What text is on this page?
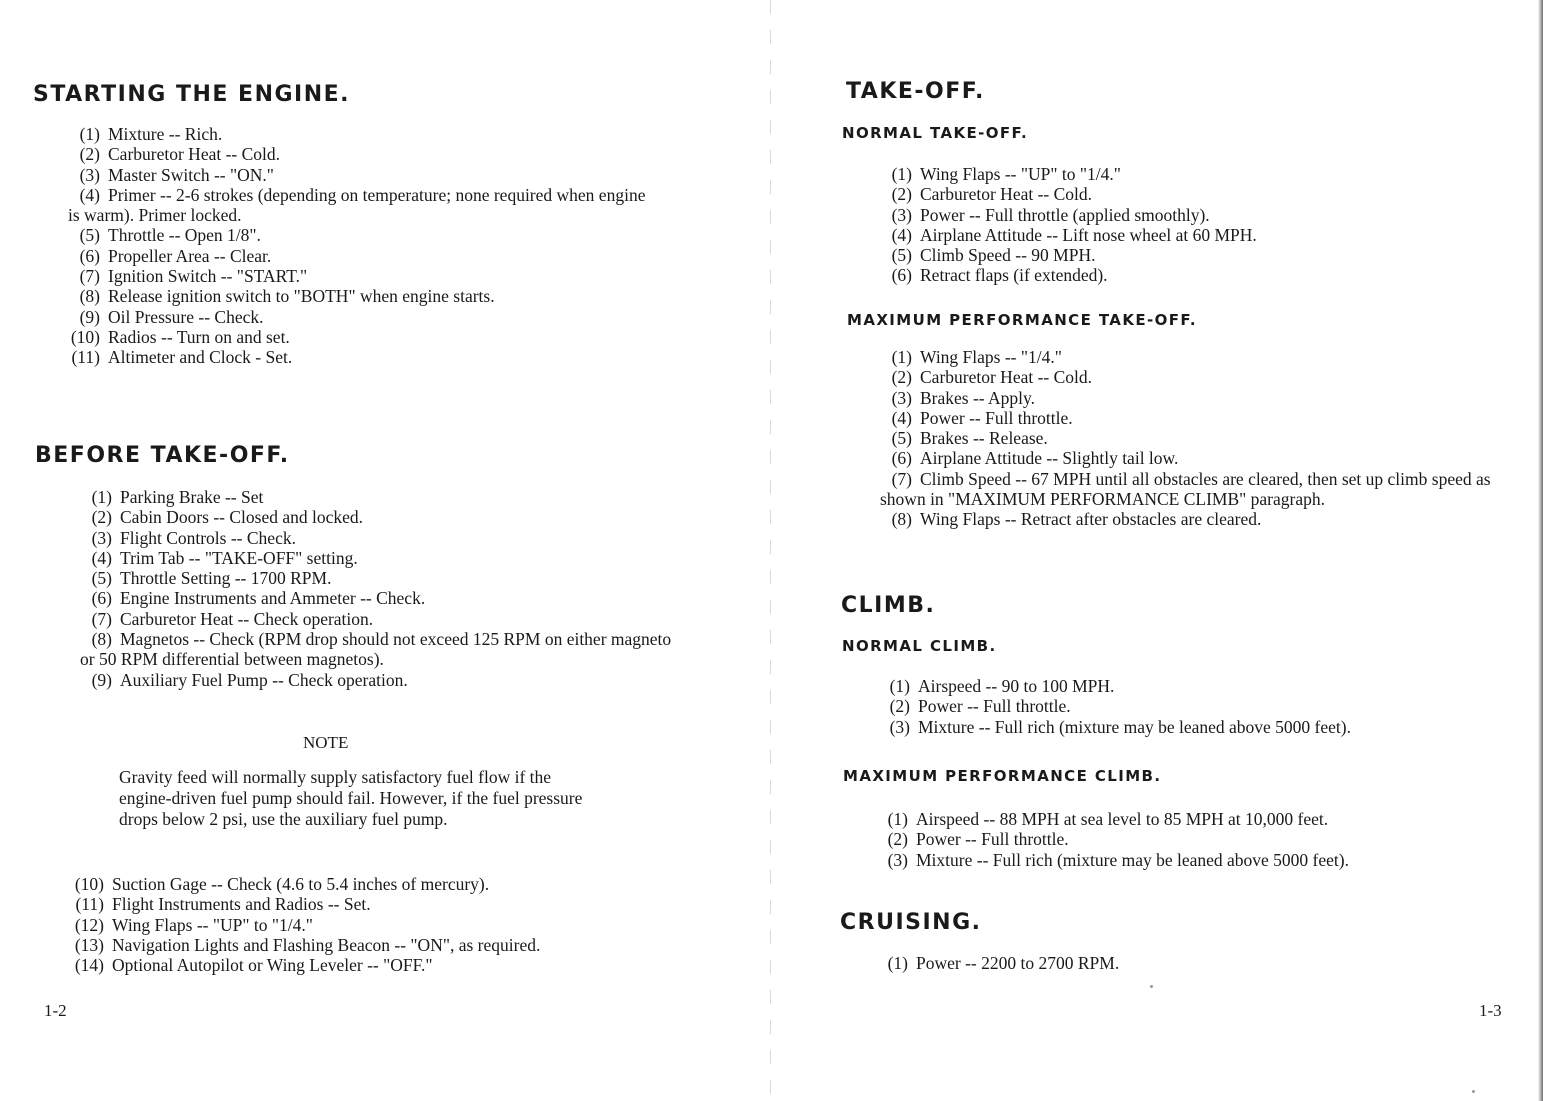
STARTING THE ENGINE.
(1) Mixture -- Rich.
(2) Carburetor Heat -- Cold.
(3) Master Switch -- "ON."
(4) Primer -- 2-6 strokes (depending on temperature; none required when engine is warm). Primer locked.
(5) Throttle -- Open 1/8".
(6) Propeller Area -- Clear.
(7) Ignition Switch -- "START."
(8) Release ignition switch to "BOTH" when engine starts.
(9) Oil Pressure -- Check.
(10) Radios -- Turn on and set.
(11) Altimeter and Clock - Set.
BEFORE TAKE-OFF.
(1) Parking Brake -- Set
(2) Cabin Doors -- Closed and locked.
(3) Flight Controls -- Check.
(4) Trim Tab -- "TAKE-OFF" setting.
(5) Throttle Setting -- 1700 RPM.
(6) Engine Instruments and Ammeter -- Check.
(7) Carburetor Heat -- Check operation.
(8) Magnetos -- Check (RPM drop should not exceed 125 RPM on either magneto or 50 RPM differential between magnetos).
(9) Auxiliary Fuel Pump -- Check operation.

NOTE

Gravity feed will normally supply satisfactory fuel flow if the engine-driven fuel pump should fail. However, if the fuel pressure drops below 2 psi, use the auxiliary fuel pump.

(10) Suction Gage -- Check (4.6 to 5.4 inches of mercury).
(11) Flight Instruments and Radios -- Set.
(12) Wing Flaps -- "UP" to "1/4."
(13) Navigation Lights and Flashing Beacon -- "ON", as required.
(14) Optional Autopilot or Wing Leveler -- "OFF."

1-2

TAKE-OFF.
NORMAL TAKE-OFF.
(1) Wing Flaps -- "UP" to "1/4."
(2) Carburetor Heat -- Cold.
(3) Power -- Full throttle (applied smoothly).
(4) Airplane Attitude -- Lift nose wheel at 60 MPH.
(5) Climb Speed -- 90 MPH.
(6) Retract flaps (if extended).
MAXIMUM PERFORMANCE TAKE-OFF.
(1) Wing Flaps -- "1/4."
(2) Carburetor Heat -- Cold.
(3) Brakes -- Apply.
(4) Power -- Full throttle.
(5) Brakes -- Release.
(6) Airplane Attitude -- Slightly tail low.
(7) Climb Speed -- 67 MPH until all obstacles are cleared, then set up climb speed as shown in "MAXIMUM PERFORMANCE CLIMB" paragraph.
(8) Wing Flaps -- Retract after obstacles are cleared.
CLIMB.
NORMAL CLIMB.
(1) Airspeed -- 90 to 100 MPH.
(2) Power -- Full throttle.
(3) Mixture -- Full rich (mixture may be leaned above 5000 feet).
MAXIMUM PERFORMANCE CLIMB.
(1) Airspeed -- 88 MPH at sea level to 85 MPH at 10,000 feet.
(2) Power -- Full throttle.
(3) Mixture -- Full rich (mixture may be leaned above 5000 feet).
CRUISING.
(1) Power -- 2200 to 2700 RPM.

1-3
